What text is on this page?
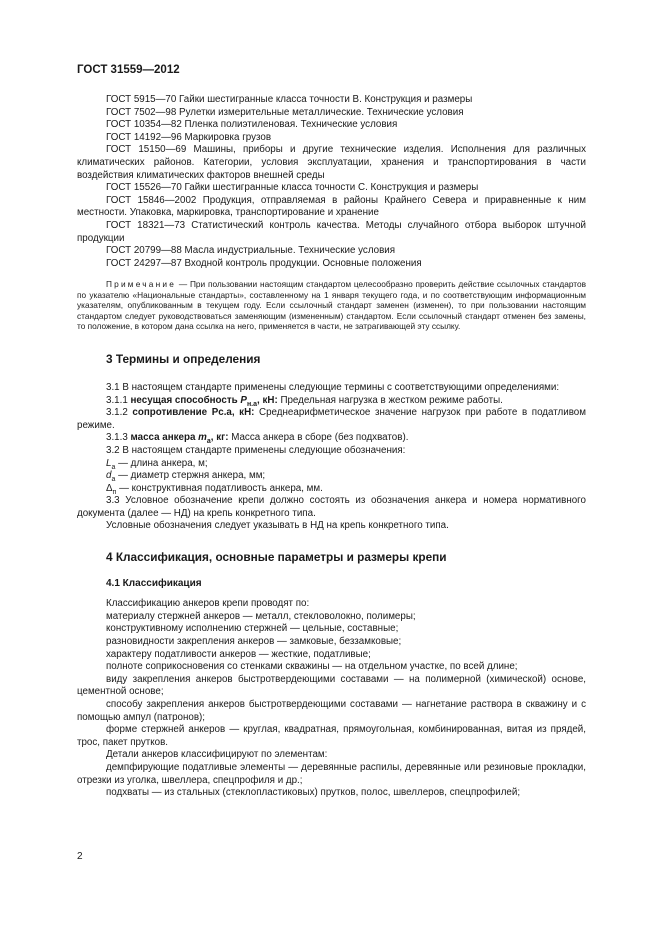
ГОСТ 31559—2012

ГОСТ 5915—70 Гайки шестигранные класса точности В. Конструкция и размеры

ГОСТ 7502—98 Рулетки измерительные металлические. Технические условия

ГОСТ 10354—82 Пленка полиэтиленовая. Технические условия

ГОСТ 14192—96 Маркировка грузов

ГОСТ 15150—69 Машины, приборы и другие технические изделия. Исполнения для различных климатических районов. Категории, условия эксплуатации, хранения и транспортирования в части воздействия климатических факторов внешней среды

ГОСТ 15526—70 Гайки шестигранные класса точности С. Конструкция и размеры

ГОСТ 15846—2002 Продукция, отправляемая в районы Крайнего Севера и приравненные к ним местности. Упаковка, маркировка, транспортирование и хранение

ГОСТ 18321—73 Статистический контроль качества. Методы случайного отбора выборок штучной продукции

ГОСТ 20799—88 Масла индустриальные. Технические условия

ГОСТ 24297—87 Входной контроль продукции. Основные положения

Примечание — При пользовании настоящим стандартом целесообразно проверить действие ссылочных стандартов по указателю «Национальные стандарты», составленному на 1 января текущего года, и по соответствующим информационным указателям, опубликованным в текущем году. Если ссылочный стандарт заменен (изменен), то при пользовании настоящим стандартом следует руководствоваться заменяющим (измененным) стандартом. Если ссылочный стандарт отменен без замены, то положение, в котором дана ссылка на него, применяется в части, не затрагивающей эту ссылку.

3 Термины и определения

3.1 В настоящем стандарте применены следующие термины с соответствующими определениями:

3.1.1 несущая способность $Р_{н.а}$, кН: Предельная нагрузка в жестком режиме работы.

3.1.2 сопротивление Рс.а, кН: Среднеарифметическое значение нагрузок при работе в податливом режиме.

3.1.3 масса анкера $m_а$, кг: Масса анкера в сборе (без подхватов).

3.2 В настоящем стандарте применены следующие обозначения:

$L_а$ — длина анкера, м;

$d_а$ — диаметр стержня анкера, мм;

$\Delta_п$ — конструктивная податливость анкера, мм.

3.3 Условное обозначение крепи должно состоять из обозначения анкера и номера нормативного документа (далее — НД) на крепь конкретного типа.

Условные обозначения следует указывать в НД на крепь конкретного типа.

4 Классификация, основные параметры и размеры крепи
4.1 Классификация

Классификацию анкеров крепи проводят по:

материалу стержней анкеров — металл, стекловолокно, полимеры;

конструктивному исполнению стержней — цельные, составные;

разновидности закрепления анкеров — замковые, беззамковые;

характеру податливости анкеров — жесткие, податливые;

полноте соприкосновения со стенками скважины — на отдельном участке, по всей длине;

виду закрепления анкеров быстротвердеющими составами — на полимерной (химической) основе, цементной основе;

способу закрепления анкеров быстротвердеющими составами — нагнетание раствора в скважину и с помощью ампул (патронов);

форме стержней анкеров — круглая, квадратная, прямоугольная, комбинированная, витая из прядей, трос, пакет прутков.

Детали анкеров классифицируют по элементам:

демпфирующие податливые элементы — деревянные распилы, деревянные или резиновые прокладки, отрезки из уголка, швеллера, спецпрофиля и др.;

подхваты — из стальных (стеклопластиковых) прутков, полос, швеллеров, спецпрофилей;

2
